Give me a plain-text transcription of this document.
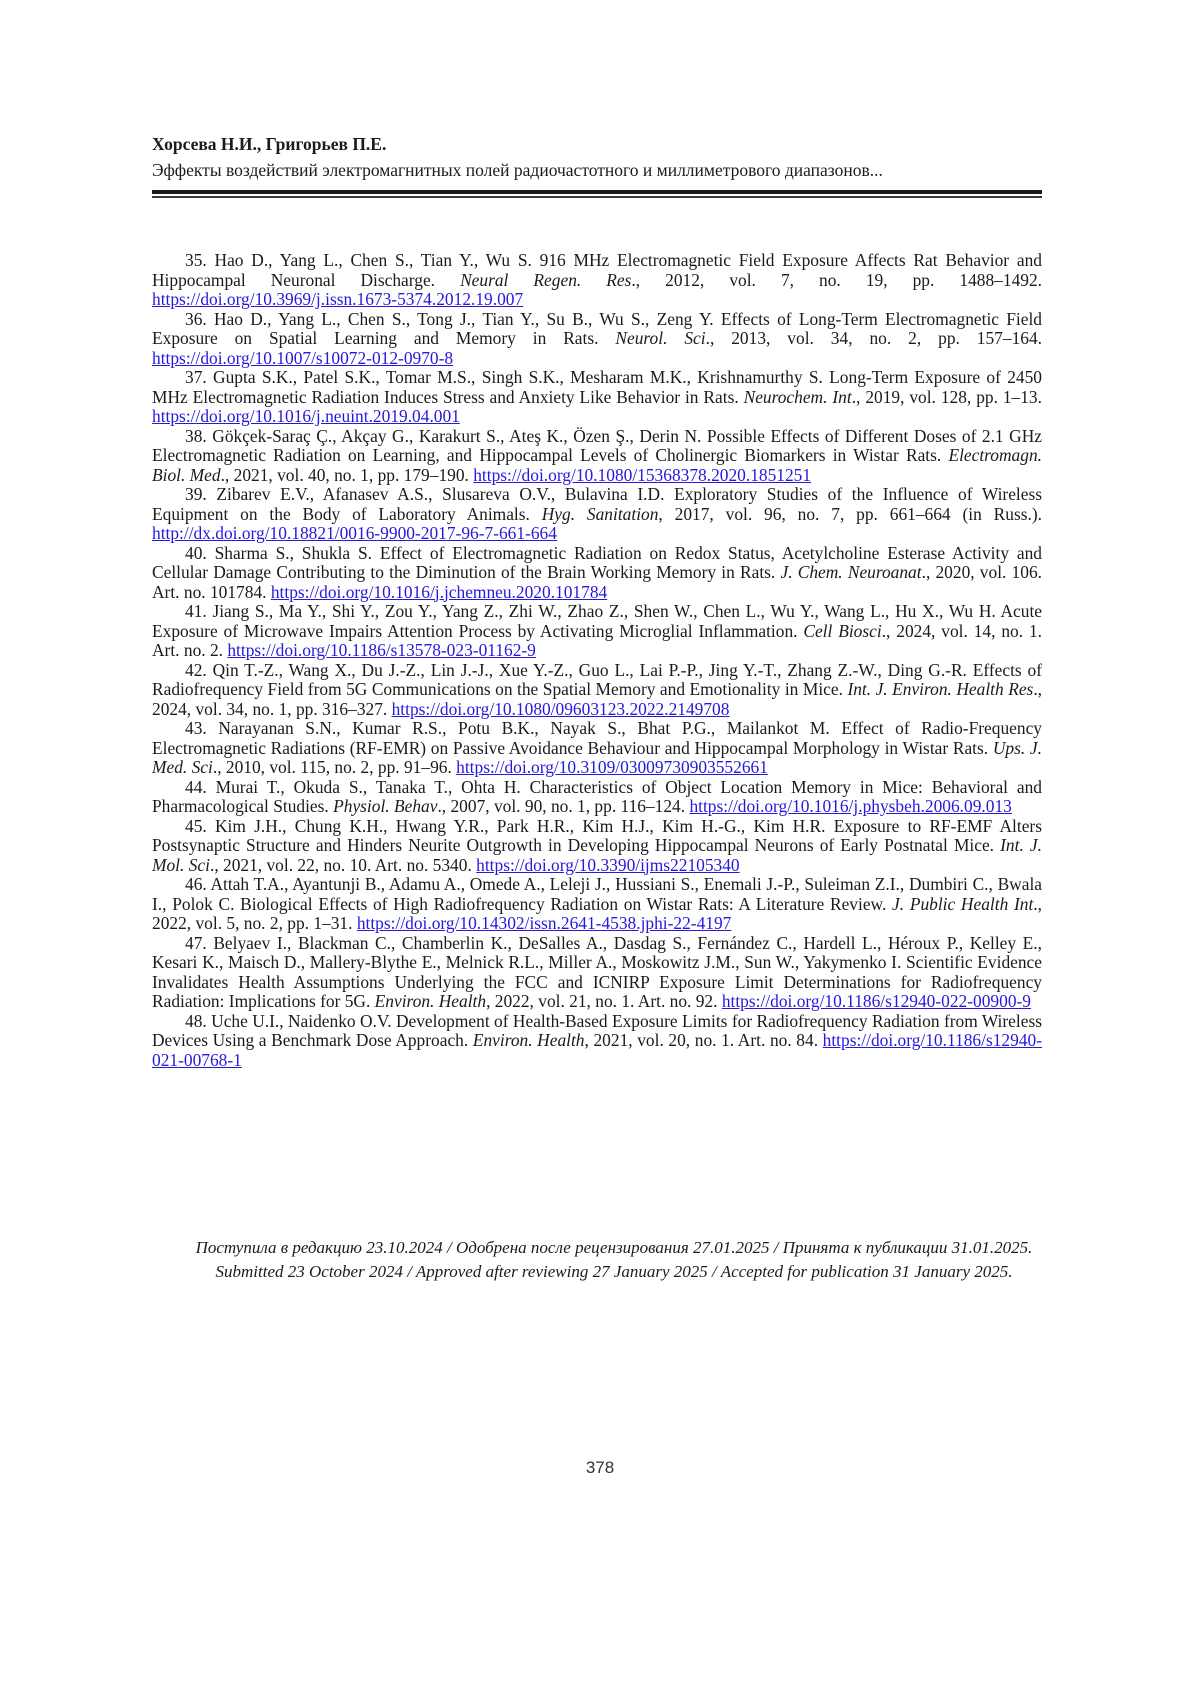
Хорсева Н.И., Григорьев П.Е.
Эффекты воздействий электромагнитных полей радиочастотного и миллиметрового диапазонов...

35. Hao D., Yang L., Chen S., Tian Y., Wu S. 916 MHz Electromagnetic Field Exposure Affects Rat Behavior and Hippocampal Neuronal Discharge. Neural Regen. Res., 2012, vol. 7, no. 19, pp. 1488–1492. https://doi.org/10.3969/j.issn.1673-5374.2012.19.007

36. Hao D., Yang L., Chen S., Tong J., Tian Y., Su B., Wu S., Zeng Y. Effects of Long-Term Electromagnetic Field Exposure on Spatial Learning and Memory in Rats. Neurol. Sci., 2013, vol. 34, no. 2, pp. 157–164. https://doi.org/10.1007/s10072-012-0970-8

37. Gupta S.K., Patel S.K., Tomar M.S., Singh S.K., Mesharam M.K., Krishnamurthy S. Long-Term Exposure of 2450 MHz Electromagnetic Radiation Induces Stress and Anxiety Like Behavior in Rats. Neurochem. Int., 2019, vol. 128, pp. 1–13. https://doi.org/10.1016/j.neuint.2019.04.001

38. Gökçek-Saraç Ç., Akçay G., Karakurt S., Ateş K., Özen Ş., Derin N. Possible Effects of Different Doses of 2.1 GHz Electromagnetic Radiation on Learning, and Hippocampal Levels of Cholinergic Biomarkers in Wistar Rats. Electromagn. Biol. Med., 2021, vol. 40, no. 1, pp. 179–190. https://doi.org/10.1080/15368378.2020.1851251

39. Zibarev E.V., Afanasev A.S., Slusareva O.V., Bulavina I.D. Exploratory Studies of the Influence of Wireless Equipment on the Body of Laboratory Animals. Hyg. Sanitation, 2017, vol. 96, no. 7, pp. 661–664 (in Russ.). http://dx.doi.org/10.18821/0016-9900-2017-96-7-661-664

40. Sharma S., Shukla S. Effect of Electromagnetic Radiation on Redox Status, Acetylcholine Esterase Activity and Cellular Damage Contributing to the Diminution of the Brain Working Memory in Rats. J. Chem. Neuroanat., 2020, vol. 106. Art. no. 101784. https://doi.org/10.1016/j.jchemneu.2020.101784

41. Jiang S., Ma Y., Shi Y., Zou Y., Yang Z., Zhi W., Zhao Z., Shen W., Chen L., Wu Y., Wang L., Hu X., Wu H. Acute Exposure of Microwave Impairs Attention Process by Activating Microglial Inflammation. Cell Biosci., 2024, vol. 14, no. 1. Art. no. 2. https://doi.org/10.1186/s13578-023-01162-9

42. Qin T.-Z., Wang X., Du J.-Z., Lin J.-J., Xue Y.-Z., Guo L., Lai P.-P., Jing Y.-T., Zhang Z.-W., Ding G.-R. Effects of Radiofrequency Field from 5G Communications on the Spatial Memory and Emotionality in Mice. Int. J. Environ. Health Res., 2024, vol. 34, no. 1, pp. 316–327. https://doi.org/10.1080/09603123.2022.2149708

43. Narayanan S.N., Kumar R.S., Potu B.K., Nayak S., Bhat P.G., Mailankot M. Effect of Radio-Frequency Electromagnetic Radiations (RF-EMR) on Passive Avoidance Behaviour and Hippocampal Morphology in Wistar Rats. Ups. J. Med. Sci., 2010, vol. 115, no. 2, pp. 91–96. https://doi.org/10.3109/03009730903552661

44. Murai T., Okuda S., Tanaka T., Ohta H. Characteristics of Object Location Memory in Mice: Behavioral and Pharmacological Studies. Physiol. Behav., 2007, vol. 90, no. 1, pp. 116–124. https://doi.org/10.1016/j.physbeh.2006.09.013

45. Kim J.H., Chung K.H., Hwang Y.R., Park H.R., Kim H.J., Kim H.-G., Kim H.R. Exposure to RF-EMF Alters Postsynaptic Structure and Hinders Neurite Outgrowth in Developing Hippocampal Neurons of Early Postnatal Mice. Int. J. Mol. Sci., 2021, vol. 22, no. 10. Art. no. 5340. https://doi.org/10.3390/ijms22105340

46. Attah T.A., Ayantunji B., Adamu A., Omede A., Leleji J., Hussiani S., Enemali J.-P., Suleiman Z.I., Dumbiri C., Bwala I., Polok C. Biological Effects of High Radiofrequency Radiation on Wistar Rats: A Literature Review. J. Public Health Int., 2022, vol. 5, no. 2, pp. 1–31. https://doi.org/10.14302/issn.2641-4538.jphi-22-4197

47. Belyaev I., Blackman C., Chamberlin K., DeSalles A., Dasdag S., Fernández C., Hardell L., Héroux P., Kelley E., Kesari K., Maisch D., Mallery-Blythe E., Melnick R.L., Miller A., Moskowitz J.M., Sun W., Yakymenko I. Scientific Evidence Invalidates Health Assumptions Underlying the FCC and ICNIRP Exposure Limit Determinations for Radiofrequency Radiation: Implications for 5G. Environ. Health, 2022, vol. 21, no. 1. Art. no. 92. https://doi.org/10.1186/s12940-022-00900-9

48. Uche U.I., Naidenko O.V. Development of Health-Based Exposure Limits for Radiofrequency Radiation from Wireless Devices Using a Benchmark Dose Approach. Environ. Health, 2021, vol. 20, no. 1. Art. no. 84. https://doi.org/10.1186/s12940-021-00768-1

Поступила в редакцию 23.10.2024 / Одобрена после рецензирования 27.01.2025 / Принята к публикации 31.01.2025.
Submitted 23 October 2024 / Approved after reviewing 27 January 2025 / Accepted for publication 31 January 2025.
378
